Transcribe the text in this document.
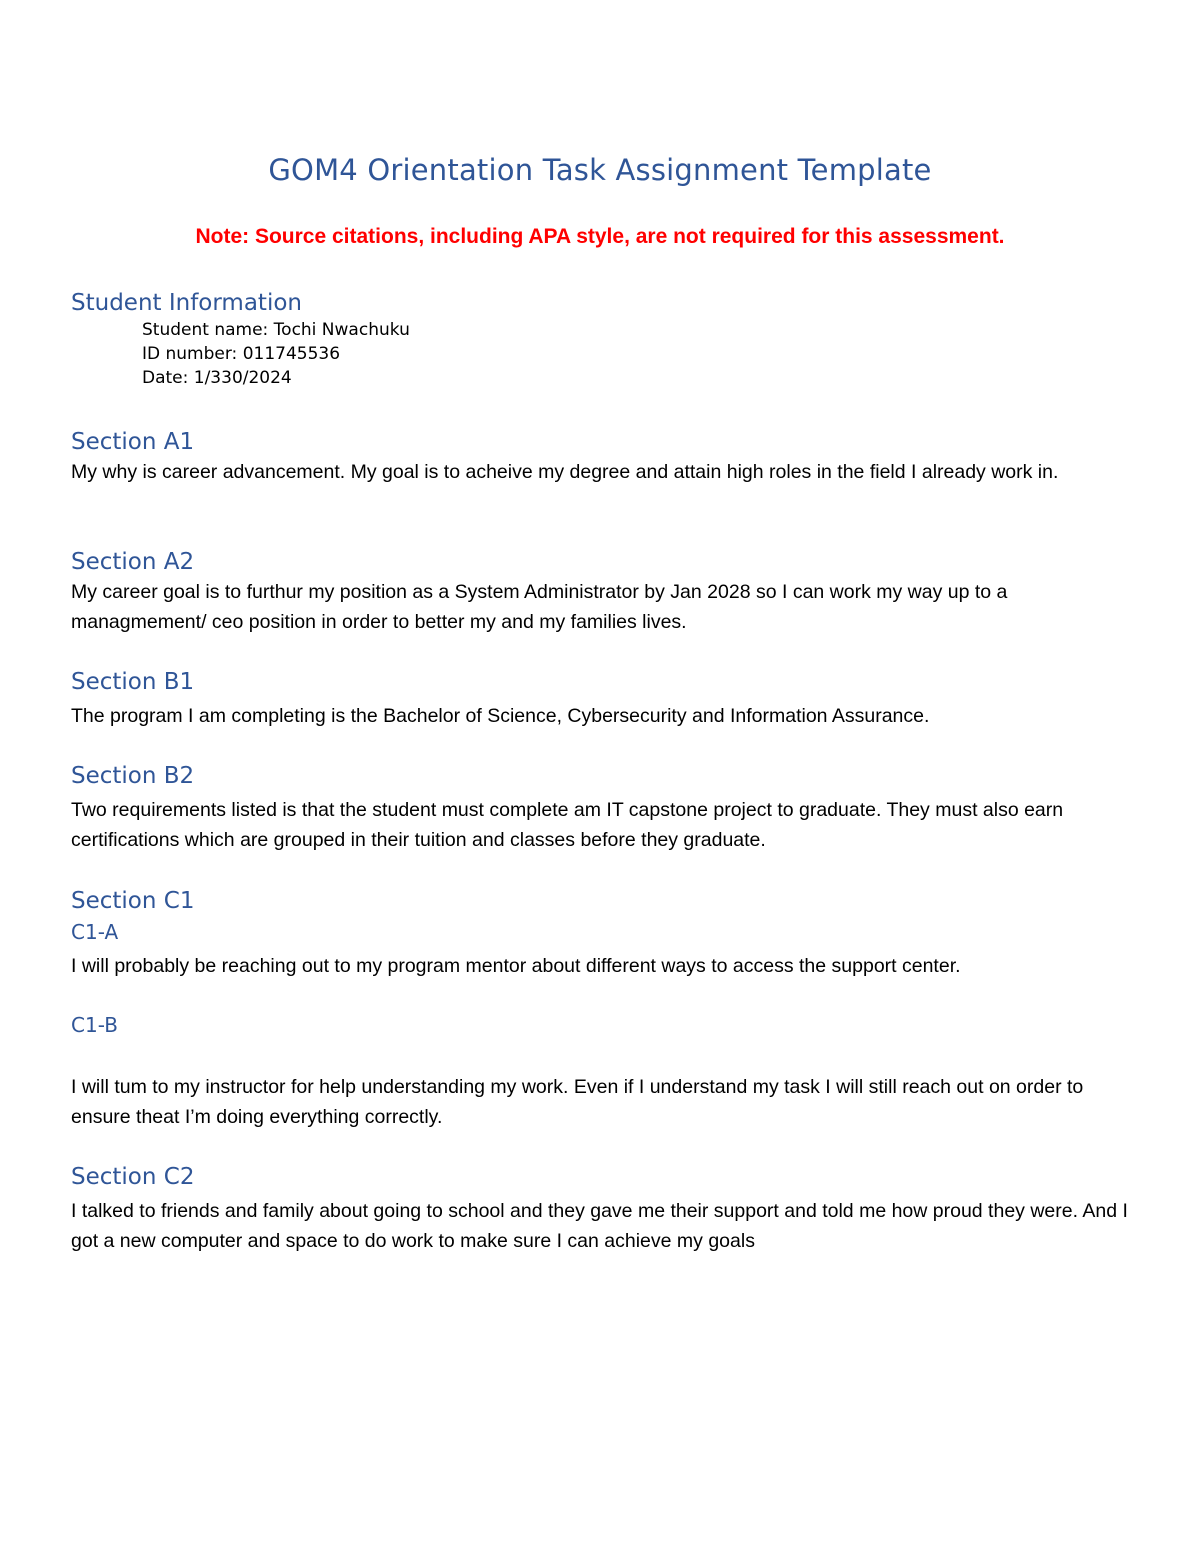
GOM4 Orientation Task Assignment Template
Note: Source citations, including APA style, are not required for this assessment.
Student Information
Student name: Tochi Nwachuku
ID number: 011745536
Date: 1/330/2024
Section A1

My why is career advancement. My goal is to acheive my degree and attain high roles in the field I already work in.

Section A2

My career goal is to furthur my position as a System Administrator by Jan 2028 so I can work my way up to a managmement/ ceo position in order to better my and my families lives.

Section B1

The program I am completing is the Bachelor of Science, Cybersecurity and Information Assurance.

Section B2

Two requirements listed is that the student must complete am IT capstone project to graduate. They must also earn certifications which are grouped in their tuition and classes before they graduate.

Section C1
C1-A

I will probably be reaching out to my program mentor about different ways to access the support center.

C1-B

I will tum to my instructor for help understanding my work. Even if I understand my task I will still reach out on order to ensure theat I’m doing everything correctly.

Section C2

I talked to friends and family about going to school and they gave me their support and told me how proud they were. And I got a new computer and space to do work to make sure I can achieve my goals
